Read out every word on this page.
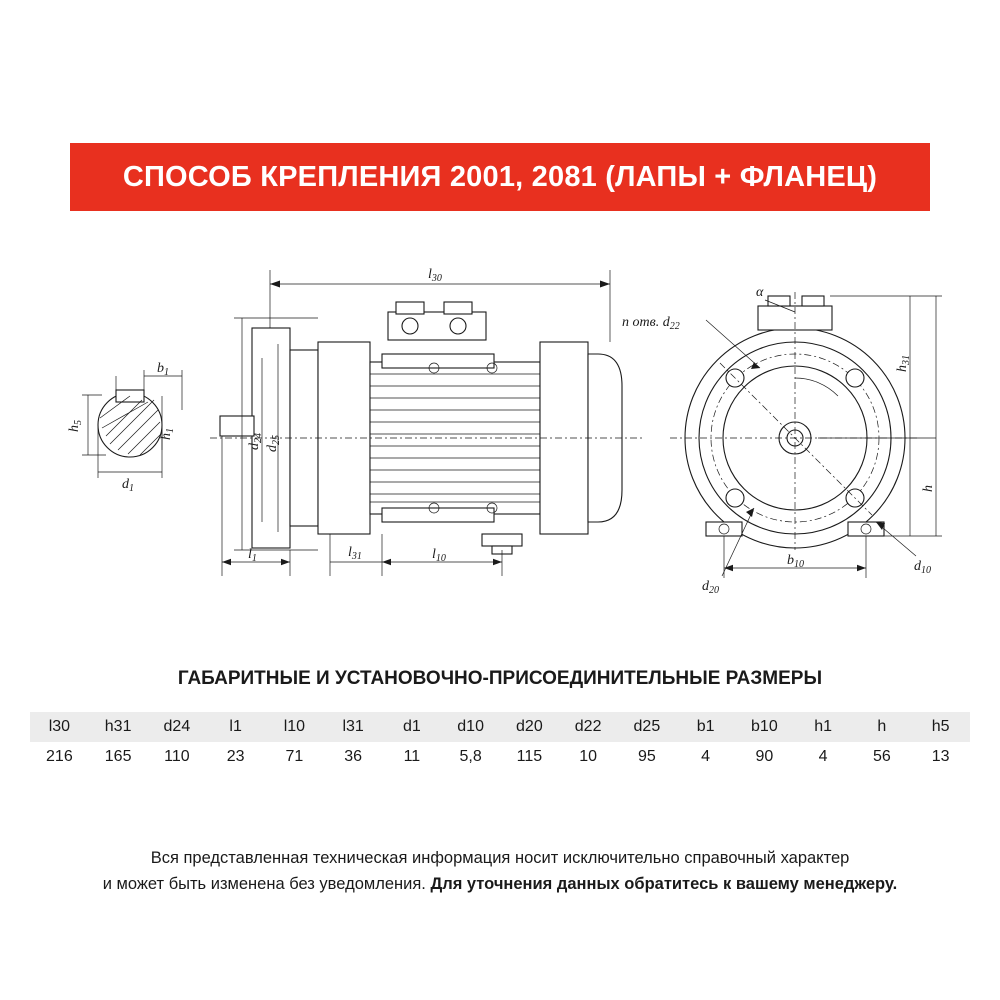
СПОСОБ КРЕПЛЕНИЯ 2001, 2081 (ЛАПЫ + ФЛАНЕЦ)
$b_1$
$h_5$
$h_1$
$d_1$
$l_{30}$
$d_{24}$
$d_{25}$
$l_1$	$l_{31}$	$l_{10}$
α
n отв. $d_{22}$
$d_{20}$
$d_{10}$
$b_{10}$
$h_{31}$
h
ГАБАРИТНЫЕ И УСТАНОВОЧНО-ПРИСОЕДИНИТЕЛЬНЫЕ РАЗМЕРЫ
l30	h31	d24	l1	l10	l31	d1	d10	d20	d22	d25	b1	b10	h1	h	h5
216	165	110	23	71	36	11	5,8	115	10	95	4	90	4	56	13
Вся представленная техническая информация носит исключительно справочный характер
и может быть изменена без уведомления. Для уточнения данных обратитесь к вашему менеджеру.
